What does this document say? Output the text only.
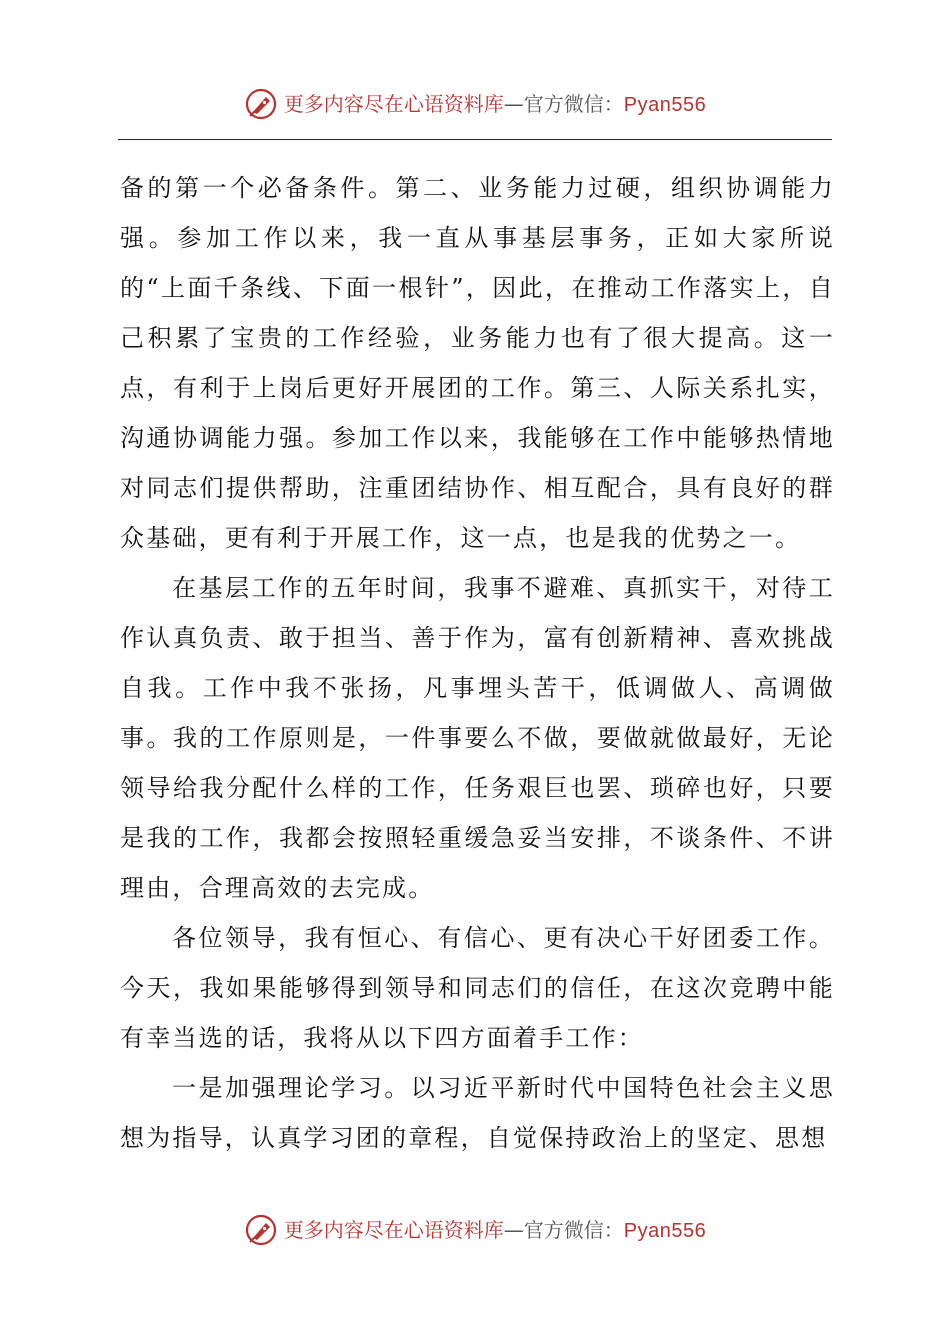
更多内容尽在心语资料库—官方微信：Pyan556

备的第一个必备条件。第二、业务能力过硬，组织协调能力强。参加工作以来，我一直从事基层事务，正如大家所说的“上面千条线、下面一根针”，因此，在推动工作落实上，自己积累了宝贵的工作经验，业务能力也有了很大提高。这一点，有利于上岗后更好开展团的工作。第三、人际关系扎实，沟通协调能力强。参加工作以来，我能够在工作中能够热情地对同志们提供帮助，注重团结协作、相互配合，具有良好的群众基础，更有利于开展工作，这一点，也是我的优势之一。

在基层工作的五年时间，我事不避难、真抓实干，对待工作认真负责、敢于担当、善于作为，富有创新精神、喜欢挑战自我。工作中我不张扬，凡事埋头苦干，低调做人、高调做事。我的工作原则是，一件事要么不做，要做就做最好，无论领导给我分配什么样的工作，任务艰巨也罢、琐碎也好，只要是我的工作，我都会按照轻重缓急妥当安排，不谈条件、不讲理由，合理高效的去完成。

各位领导，我有恒心、有信心、更有决心干好团委工作。今天，我如果能够得到领导和同志们的信任，在这次竞聘中能有幸当选的话，我将从以下四方面着手工作：

一是加强理论学习。以习近平新时代中国特色社会主义思想为指导，认真学习团的章程，自觉保持政治上的坚定、思想

更多内容尽在心语资料库—官方微信：Pyan556
